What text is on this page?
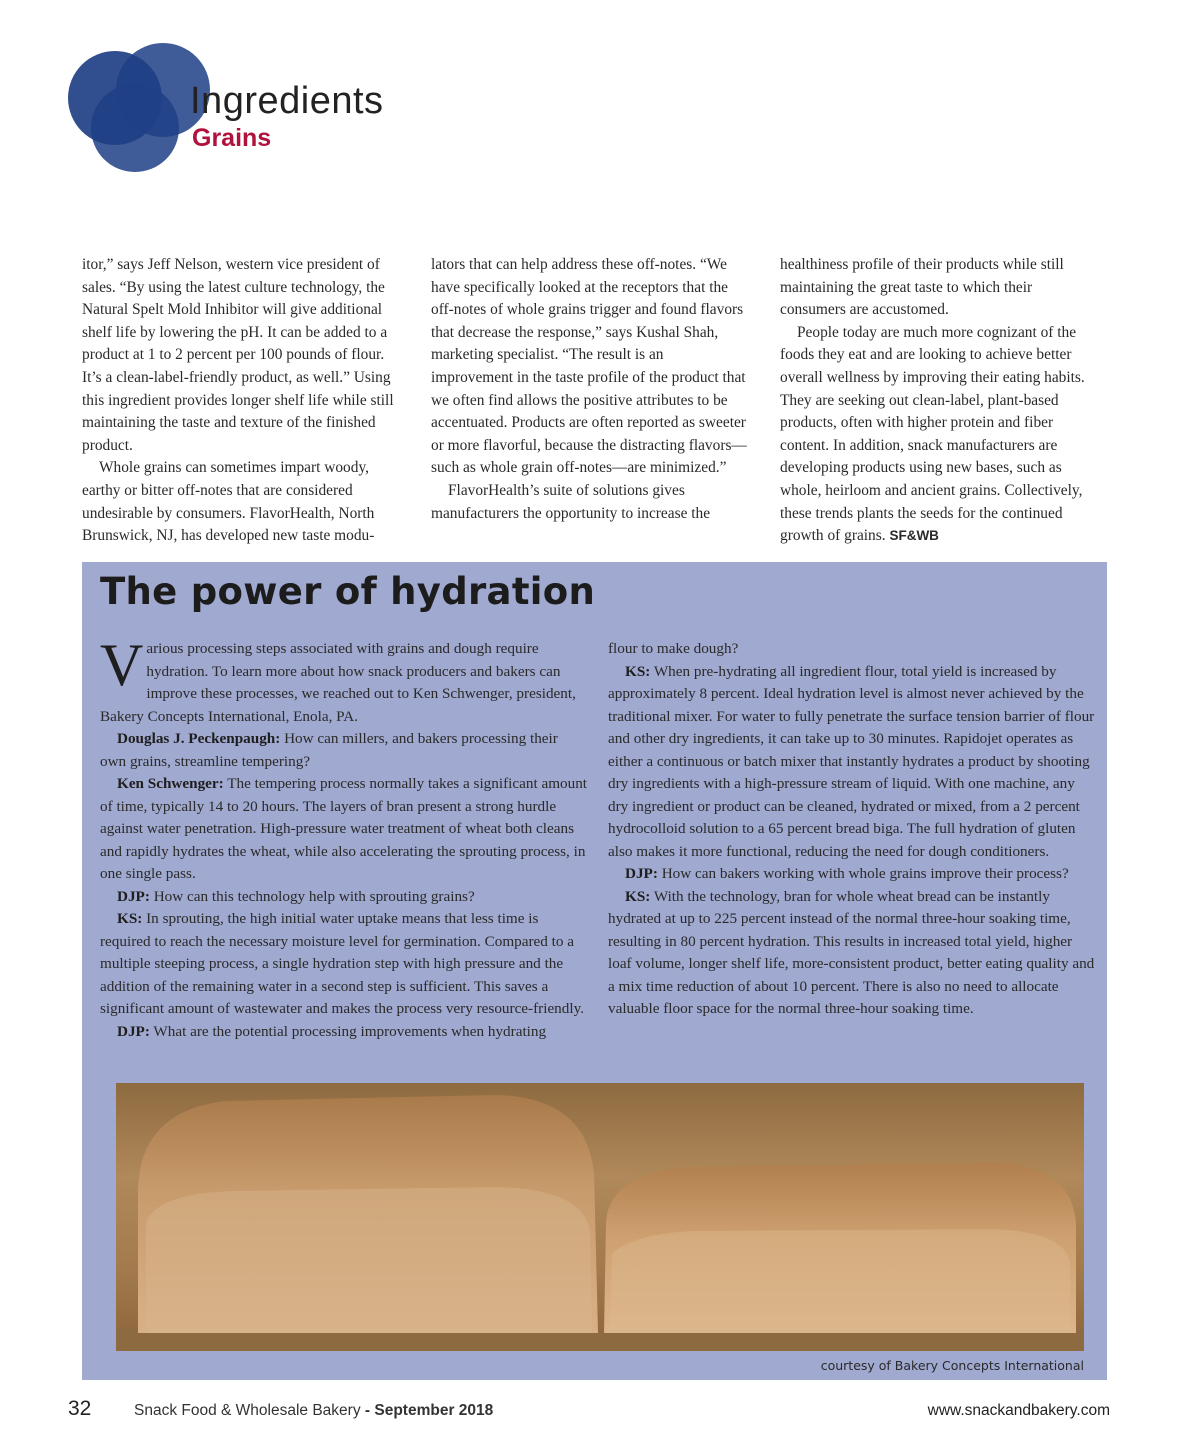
Ingredients
Grains

itor,” says Jeff Nelson, western vice president of sales. “By using the latest culture technology, the Natural Spelt Mold Inhibitor will give additional shelf life by lowering the pH. It can be added to a product at 1 to 2 percent per 100 pounds of flour. It’s a clean-label-friendly product, as well.” Using this ingredient provides longer shelf life while still maintaining the taste and texture of the finished product.

Whole grains can sometimes impart woody, earthy or bitter off-notes that are considered undesirable by consumers. FlavorHealth, North Brunswick, NJ, has developed new taste modu-

lators that can help address these off-notes. “We have specifically looked at the receptors that the off-notes of whole grains trigger and found flavors that decrease the response,” says Kushal Shah, marketing specialist. “The result is an improvement in the taste profile of the product that we often find allows the positive attributes to be accentuated. Products are often reported as sweeter or more flavorful, because the distracting flavors—such as whole grain off-notes—are minimized.”

FlavorHealth’s suite of solutions gives manufacturers the opportunity to increase the

healthiness profile of their products while still maintaining the great taste to which their consumers are accustomed.

People today are much more cognizant of the foods they eat and are looking to achieve better overall wellness by improving their eating habits. They are seeking out clean-label, plant-based products, often with higher protein and fiber content. In addition, snack manufacturers are developing products using new bases, such as whole, heirloom and ancient grains. Collectively, these trends plants the seeds for the continued growth of grains. SF&WB

The power of hydration

Various processing steps associated with grains and dough require hydration. To learn more about how snack producers and bakers can improve these processes, we reached out to Ken Schwenger, president, Bakery Concepts International, Enola, PA.

Douglas J. Peckenpaugh: How can millers, and bakers processing their own grains, streamline tempering?

Ken Schwenger: The tempering process normally takes a significant amount of time, typically 14 to 20 hours. The layers of bran present a strong hurdle against water penetration. High-pressure water treatment of wheat both cleans and rapidly hydrates the wheat, while also accelerating the sprouting process, in one single pass.

DJP: How can this technology help with sprouting grains?

KS: In sprouting, the high initial water uptake means that less time is required to reach the necessary moisture level for germination. Compared to a multiple steeping process, a single hydration step with high pressure and the addition of the remaining water in a second step is sufficient. This saves a significant amount of wastewater and makes the process very resource-friendly.

DJP: What are the potential processing improvements when hydrating

flour to make dough?

KS: When pre-hydrating all ingredient flour, total yield is increased by approximately 8 percent. Ideal hydration level is almost never achieved by the traditional mixer. For water to fully penetrate the surface tension barrier of flour and other dry ingredients, it can take up to 30 minutes. Rapidojet operates as either a continuous or batch mixer that instantly hydrates a product by shooting dry ingredients with a high-pressure stream of liquid. With one machine, any dry ingredient or product can be cleaned, hydrated or mixed, from a 2 percent hydrocolloid solution to a 65 percent bread biga. The full hydration of gluten also makes it more functional, reducing the need for dough conditioners.

DJP: How can bakers working with whole grains improve their process?

KS: With the technology, bran for whole wheat bread can be instantly hydrated at up to 225 percent instead of the normal three-hour soaking time, resulting in 80 percent hydration. This results in increased total yield, higher loaf volume, longer shelf life, more-consistent product, better eating quality and a mix time reduction of about 10 percent. There is also no need to allocate valuable floor space for the normal three-hour soaking time.

courtesy of Bakery Concepts International
32	Snack Food & Wholesale Bakery - September 2018	www.snackandbakery.com
